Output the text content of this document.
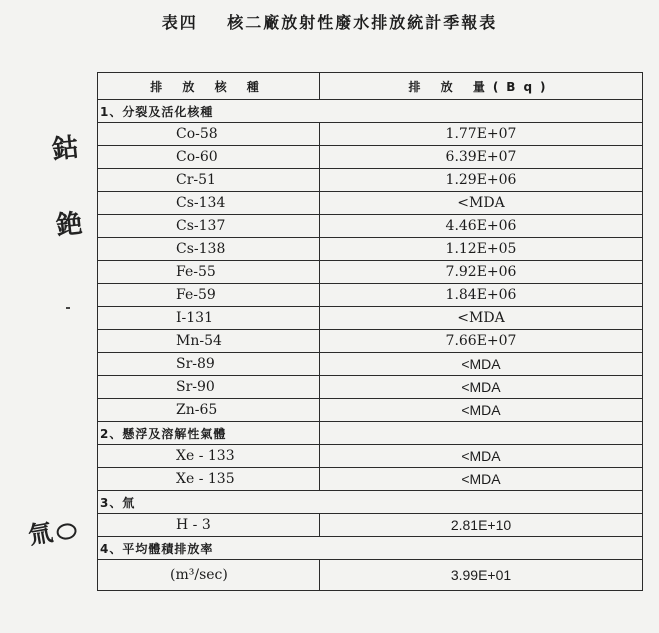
表四 核二廠放射性廢水排放統計季報表
排 放 核 種	排 放 量(Bq)
1、分裂及活化核種	
Co-58	1.77E+07
Co-60	6.39E+07
Cr-51	1.29E+06
Cs-134	<MDA
Cs-137	4.46E+06
Cs-138	1.12E+05
Fe-55	7.92E+06
Fe-59	1.84E+06
I-131	<MDA
Mn-54	7.66E+07
Sr-89	<MDA
Sr-90	<MDA
Zn-65	<MDA
2、懸浮及溶解性氣體	
Xe - 133	<MDA
Xe - 135	<MDA
3、氚	
H - 3	2.81E+10
4、平均體積排放率	
(m³/sec)	3.99E+01
鈷
銫
氚
